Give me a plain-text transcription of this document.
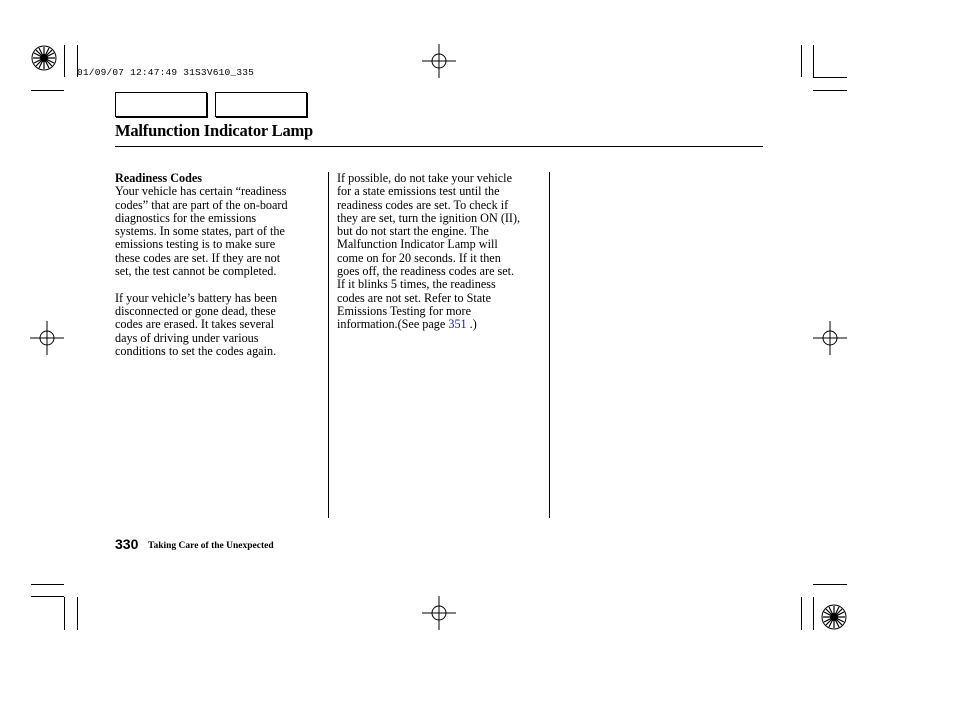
01/09/07 12:47:49 31S3V610_335
Malfunction Indicator Lamp
Readiness Codes
Your vehicle has certain “readiness
codes” that are part of the on-board
diagnostics for the emissions
systems. In some states, part of the
emissions testing is to make sure
these codes are set. If they are not
set, the test cannot be completed.
If your vehicle’s battery has been
disconnected or gone dead, these
codes are erased. It takes several
days of driving under various
conditions to set the codes again.
If possible, do not take your vehicle
for a state emissions test until the
readiness codes are set. To check if
they are set, turn the ignition ON (II),
but do not start the engine. The
Malfunction Indicator Lamp will
come on for 20 seconds. If it then
goes off, the readiness codes are set.
If it blinks 5 times, the readiness
codes are not set. Refer to State
Emissions Testing for more
information.(See page 351 .)
330 Taking Care of the Unexpected
